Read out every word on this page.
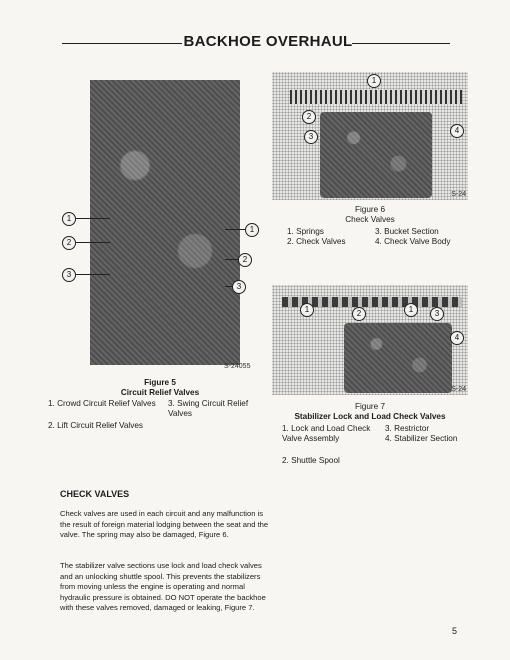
BACKHOE OVERHAUL
1
2
3
1
2
3
S-24055
Figure 5
Circuit Relief Valves
1. Crowd Circuit Relief Valves
2. Lift Circuit Relief Valves
3. Swing Circuit Relief Valves
1
2
3
4
S-24
Figure 6
Check Valves
1. Springs	3. Bucket Section
2. Check Valves	4. Check Valve Body
1	2	1	3
4
S-24
Figure 7
Stabilizer Lock and Load Check Valves
1. Lock and Load Check Valve Assembly
2. Shuttle Spool
3. Restrictor
4. Stabilizer Section
CHECK VALVES
Check valves are used in each circuit and any malfunction is the result of foreign material lodging between the seat and the valve. The spring may also be damaged, Figure 6.
The stabilizer valve sections use lock and load check valves and an unlocking shuttle spool. This prevents the stabilizers from moving unless the engine is operating and normal hydraulic pressure is obtained. DO NOT operate the backhoe with these valves removed, damaged or leaking, Figure 7.
5
